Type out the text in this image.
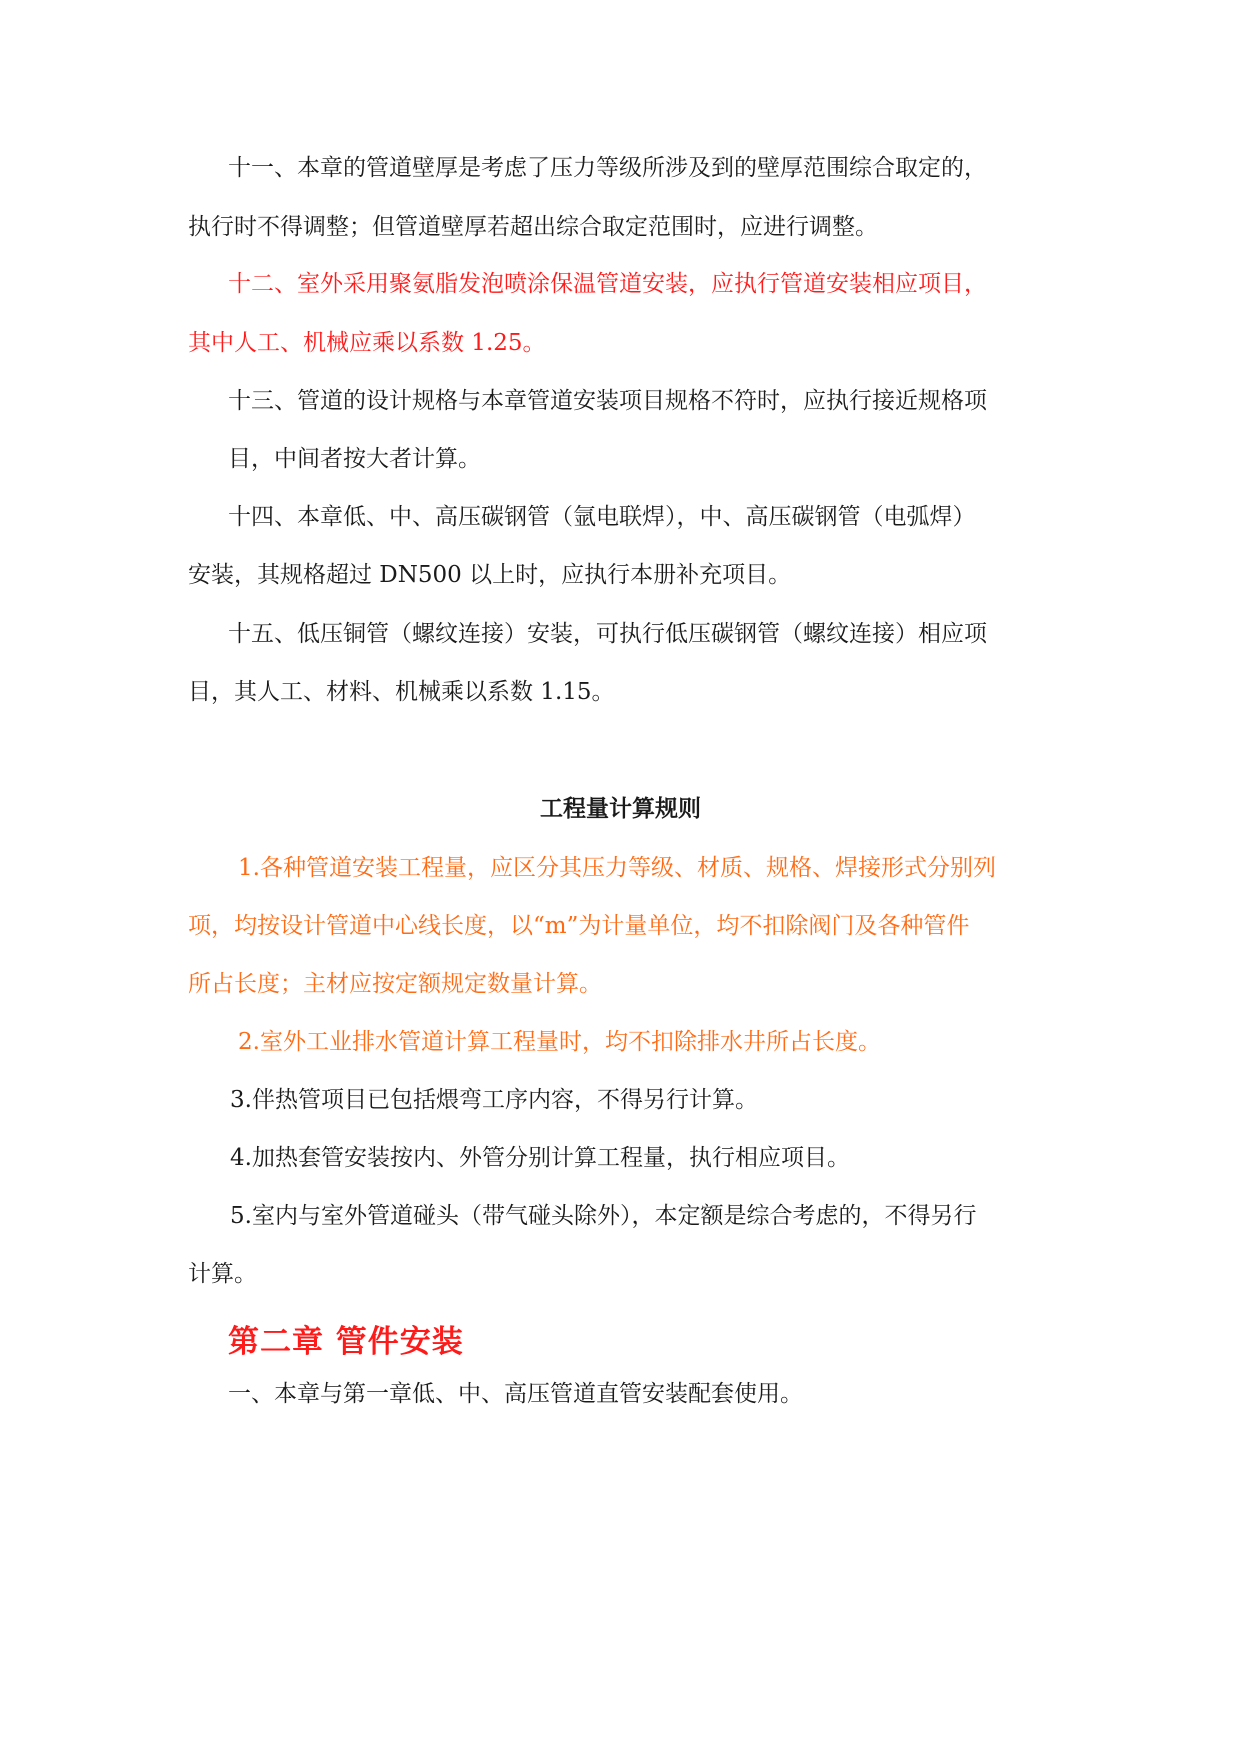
十一、本章的管道壁厚是考虑了压力等级所涉及到的壁厚范围综合取定的，
执行时不得调整；但管道壁厚若超出综合取定范围时，应进行调整。
十二、室外采用聚氨脂发泡喷涂保温管道安装，应执行管道安装相应项目，
其中人工、机械应乘以系数 1.25。
十三、管道的设计规格与本章管道安装项目规格不符时，应执行接近规格项
目，中间者按大者计算。
十四、本章低、中、高压碳钢管（氩电联焊），中、高压碳钢管（电弧焊）
安装，其规格超过 DN500 以上时，应执行本册补充项目。
十五、低压铜管（螺纹连接）安装，可执行低压碳钢管（螺纹连接）相应项
目，其人工、材料、机械乘以系数 1.15。
工程量计算规则
1.各种管道安装工程量，应区分其压力等级、材质、规格、焊接形式分别列
项，均按设计管道中心线长度，以“m”为计量单位，均不扣除阀门及各种管件
所占长度；主材应按定额规定数量计算。
2.室外工业排水管道计算工程量时，均不扣除排水井所占长度。
3.伴热管项目已包括煨弯工序内容，不得另行计算。
4.加热套管安装按内、外管分别计算工程量，执行相应项目。
5.室内与室外管道碰头（带气碰头除外），本定额是综合考虑的，不得另行
计算。
第二章 管件安装
一、本章与第一章低、中、高压管道直管安装配套使用。
